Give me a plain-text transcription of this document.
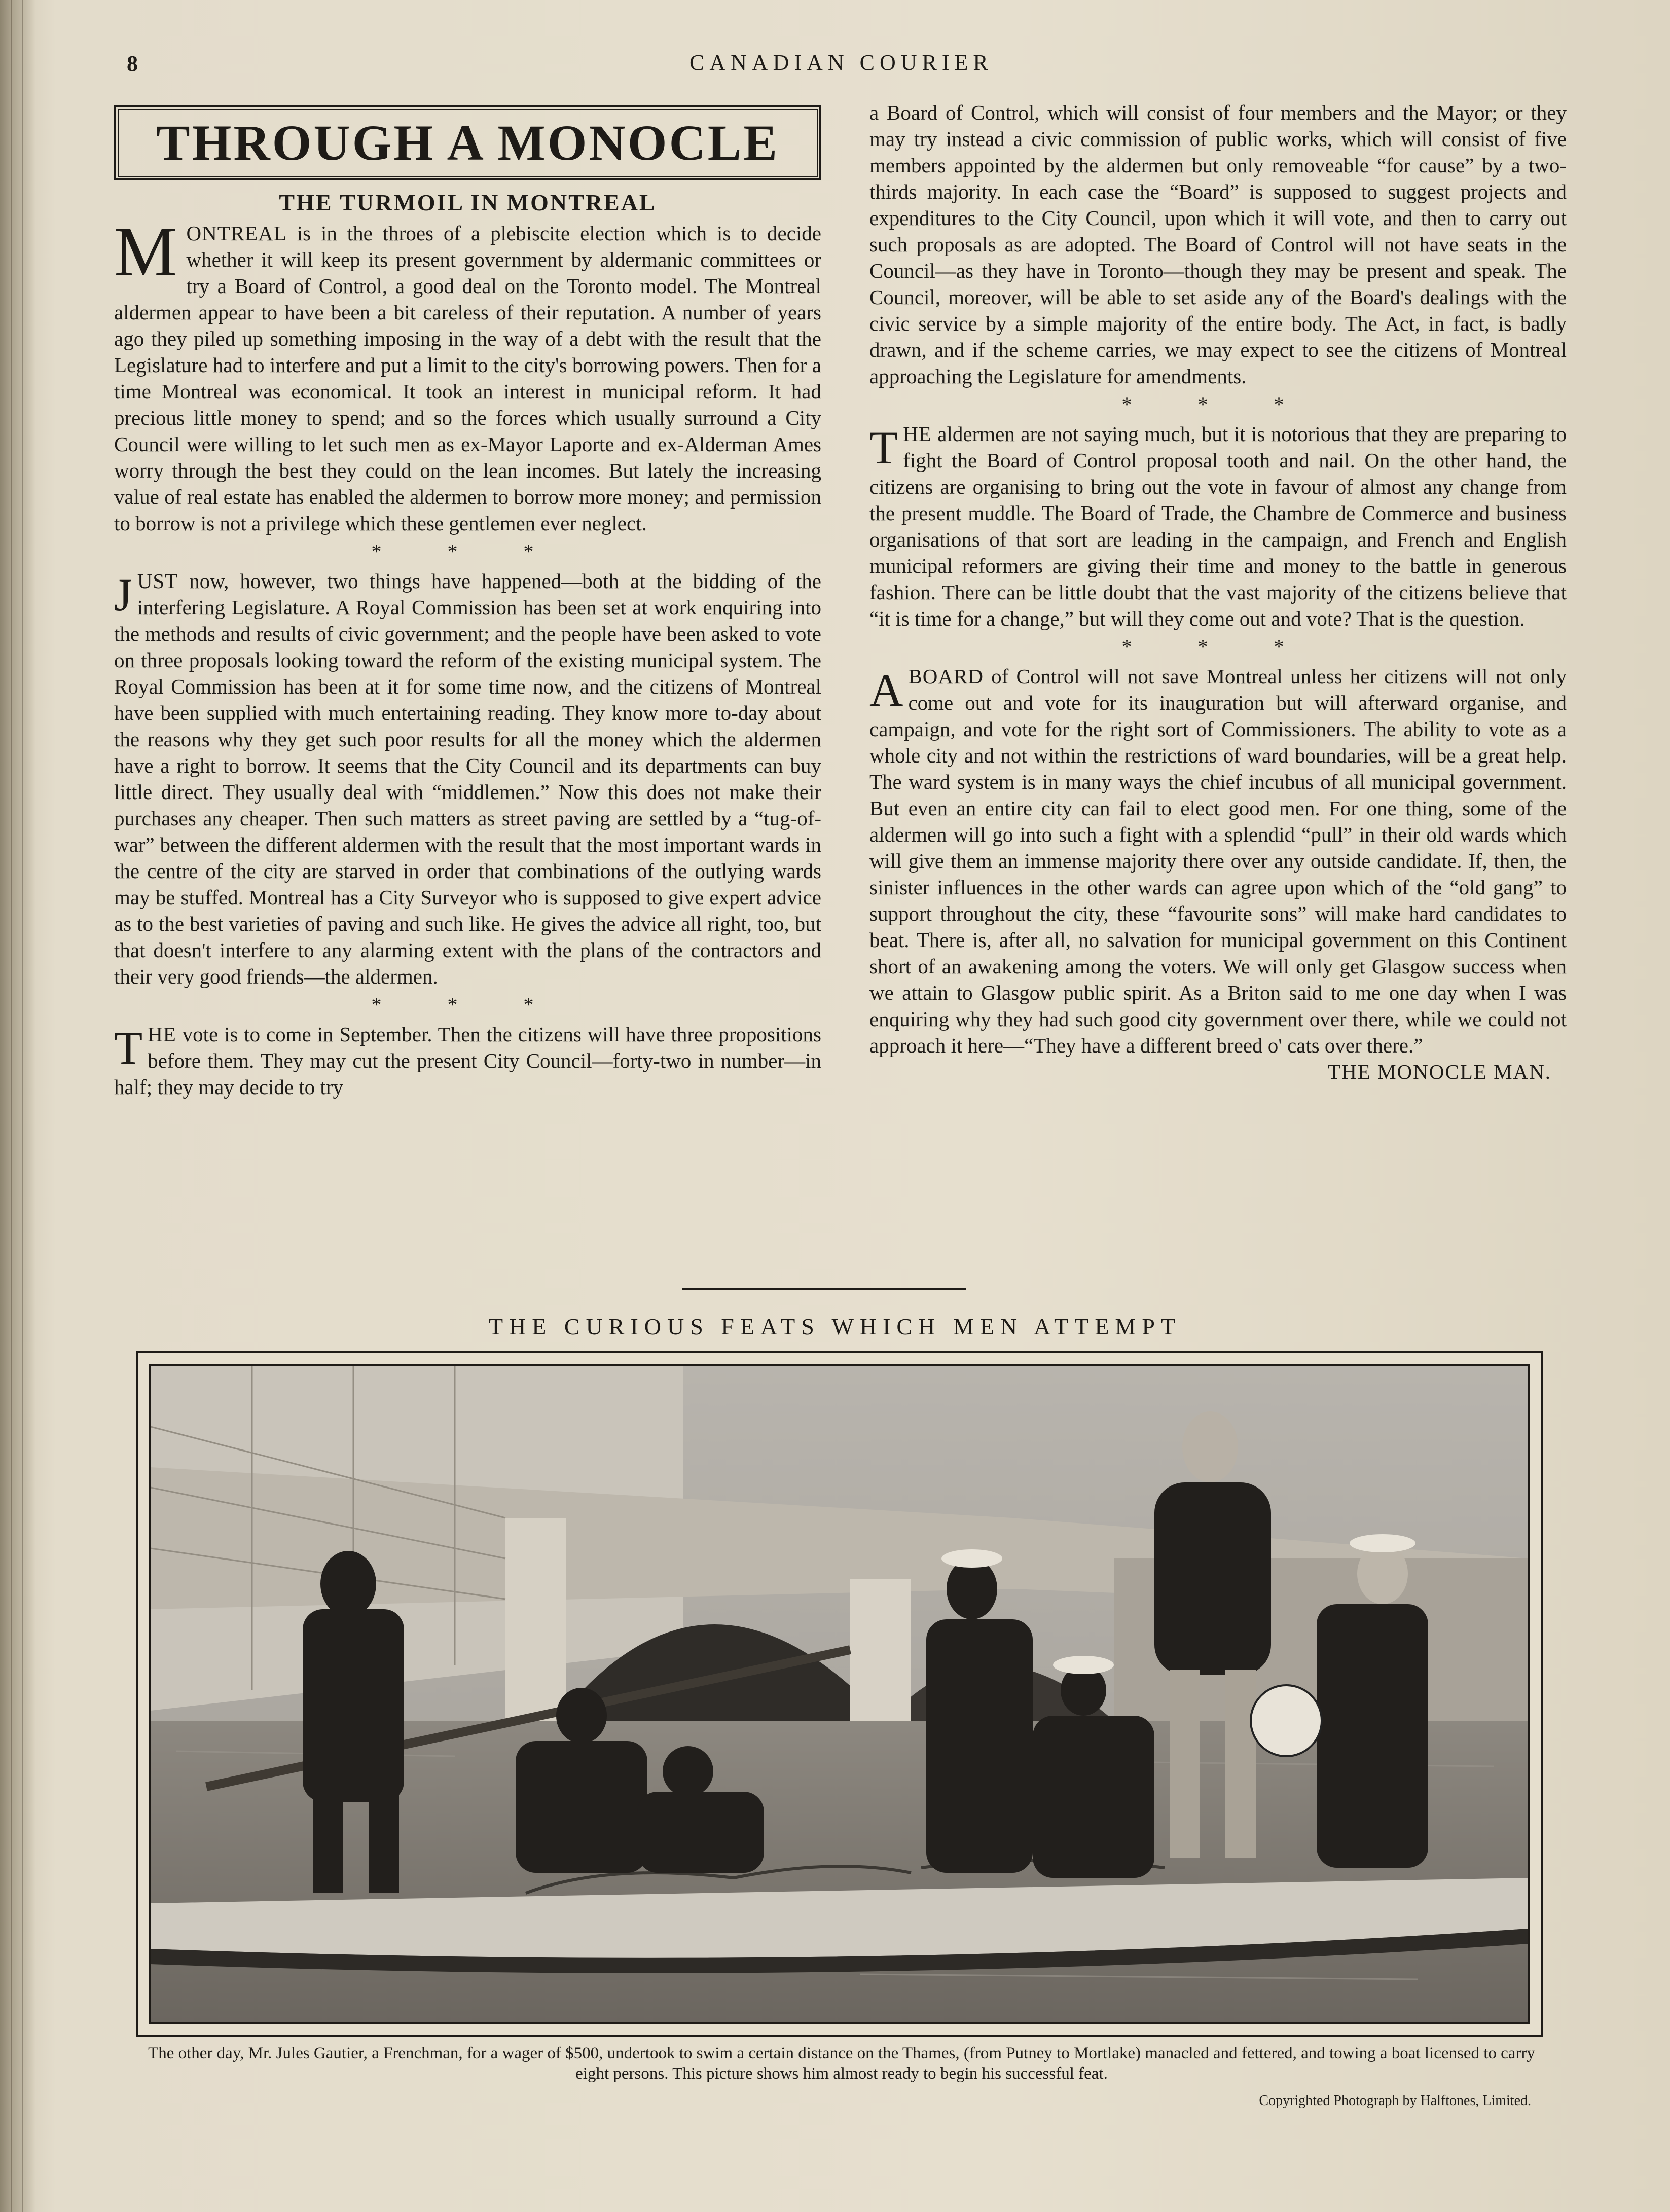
8	CANADIAN COURIER
THROUGH A MONOCLE
THE TURMOIL IN MONTREAL

MONTREAL is in the throes of a plebiscite election which is to decide whether it will keep its present government by aldermanic committees or try a Board of Control, a good deal on the Toronto model. The Montreal aldermen appear to have been a bit careless of their reputation. A number of years ago they piled up something imposing in the way of a debt with the result that the Legislature had to interfere and put a limit to the city's borrowing powers. Then for a time Montreal was economical. It took an interest in municipal reform. It had precious little money to spend; and so the forces which usually surround a City Council were willing to let such men as ex-Mayor Laporte and ex-Alderman Ames worry through the best they could on the lean incomes. But lately the increasing value of real estate has enabled the aldermen to borrow more money; and permission to borrow is not a privilege which these gentlemen ever neglect.

* * *

JUST now, however, two things have happened—both at the bidding of the interfering Legislature. A Royal Commission has been set at work enquiring into the methods and results of civic government; and the people have been asked to vote on three proposals looking toward the reform of the existing municipal system. The Royal Commission has been at it for some time now, and the citizens of Montreal have been supplied with much entertaining reading. They know more to-day about the reasons why they get such poor results for all the money which the aldermen have a right to borrow. It seems that the City Council and its departments can buy little direct. They usually deal with “middlemen.” Now this does not make their purchases any cheaper. Then such matters as street paving are settled by a “tug-of-war” between the different aldermen with the result that the most important wards in the centre of the city are starved in order that combinations of the outlying wards may be stuffed. Montreal has a City Surveyor who is supposed to give expert advice as to the best varieties of paving and such like. He gives the advice all right, too, but that doesn't interfere to any alarming extent with the plans of the contractors and their very good friends—the aldermen.

* * *

THE vote is to come in September. Then the citizens will have three propositions before them. They may cut the present City Council—forty-two in number—in half; they may decide to try

a Board of Control, which will consist of four members and the Mayor; or they may try instead a civic commission of public works, which will consist of five members appointed by the aldermen but only removeable “for cause” by a two-thirds majority. In each case the “Board” is supposed to suggest projects and expenditures to the City Council, upon which it will vote, and then to carry out such proposals as are adopted. The Board of Control will not have seats in the Council—as they have in Toronto—though they may be present and speak. The Council, moreover, will be able to set aside any of the Board's dealings with the civic service by a simple majority of the entire body. The Act, in fact, is badly drawn, and if the scheme carries, we may expect to see the citizens of Montreal approaching the Legislature for amendments.

* * *

THE aldermen are not saying much, but it is notorious that they are preparing to fight the Board of Control proposal tooth and nail. On the other hand, the citizens are organising to bring out the vote in favour of almost any change from the present muddle. The Board of Trade, the Chambre de Commerce and business organisations of that sort are leading in the campaign, and French and English municipal reformers are giving their time and money to the battle in generous fashion. There can be little doubt that the vast majority of the citizens believe that “it is time for a change,” but will they come out and vote? That is the question.

* * *

ABOARD of Control will not save Montreal unless her citizens will not only come out and vote for its inauguration but will afterward organise, and campaign, and vote for the right sort of Commissioners. The ability to vote as a whole city and not within the restrictions of ward boundaries, will be a great help. The ward system is in many ways the chief incubus of all municipal government. But even an entire city can fail to elect good men. For one thing, some of the aldermen will go into such a fight with a splendid “pull” in their old wards which will give them an immense majority there over any outside candidate. If, then, the sinister influences in the other wards can agree upon which of the “old gang” to support throughout the city, these “favourite sons” will make hard candidates to beat. There is, after all, no salvation for municipal government on this Continent short of an awakening among the voters. We will only get Glasgow success when we attain to Glasgow public spirit. As a Briton said to me one day when I was enquiring why they had such good city government over there, while we could not approach it here—“They have a different breed o' cats over there.”

THE MONOCLE MAN.
THE CURIOUS FEATS WHICH MEN ATTEMPT
The other day, Mr. Jules Gautier, a Frenchman, for a wager of $500, undertook to swim a certain distance on the Thames, (from Putney to Mortlake) manacled and fettered, and towing a boat licensed to carry eight persons. This picture shows him almost ready to begin his successful feat.
Copyrighted Photograph by Halftones, Limited.
